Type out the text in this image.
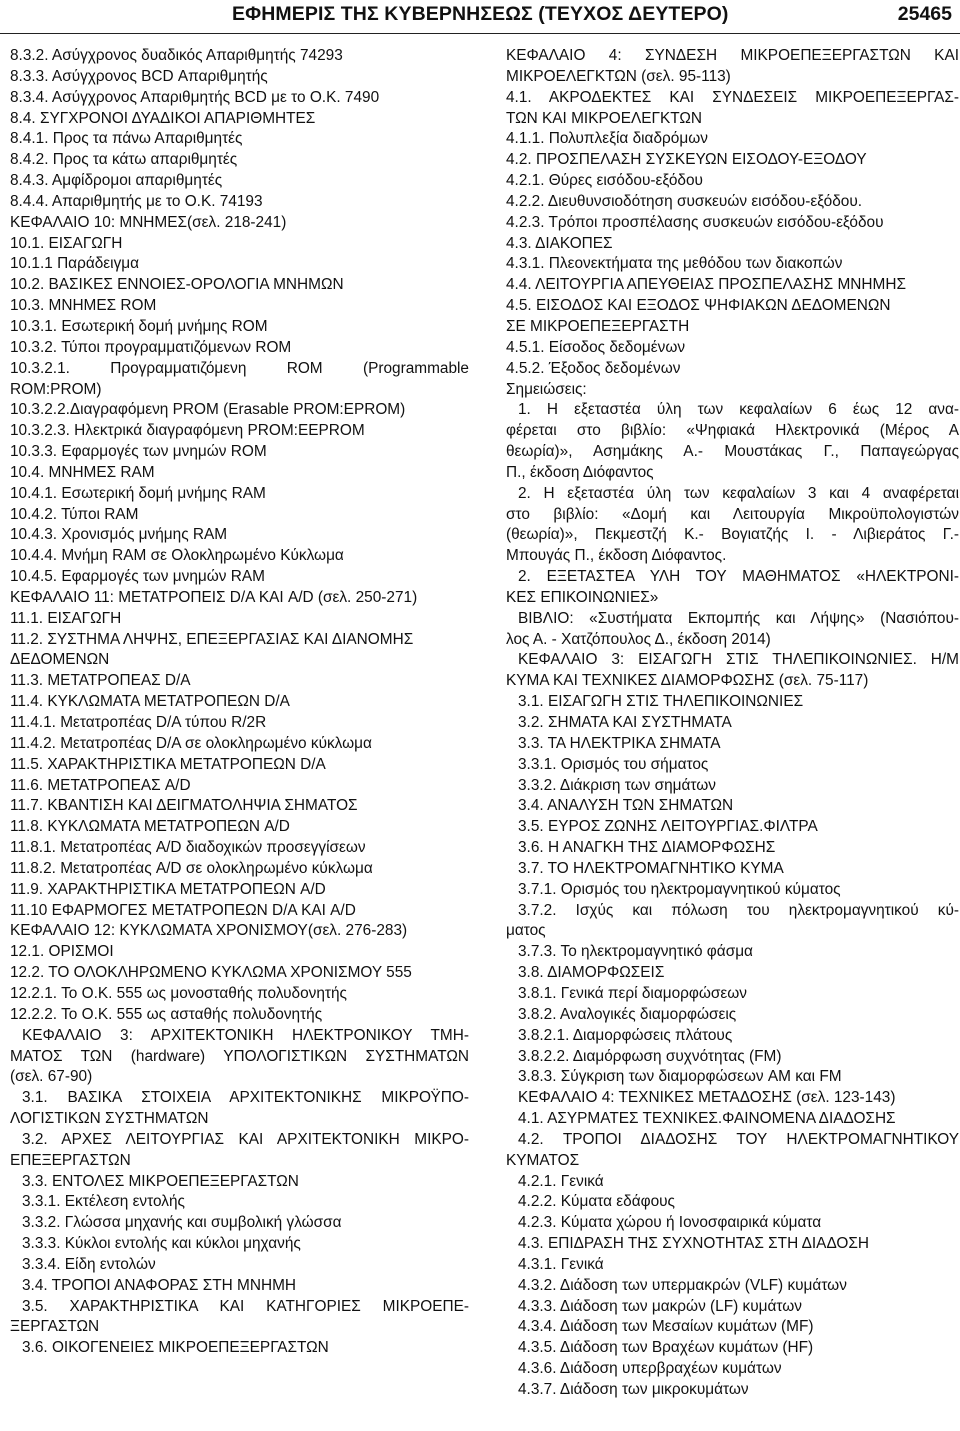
ΕΦΗΜΕΡΙΣ ΤΗΣ ΚΥΒΕΡΝΗΣΕΩΣ (ΤΕΥΧΟΣ ΔΕΥΤΕΡΟ)	25465
8.3.2. Ασύγχρονος δυαδικός Απαριθμητής 74293
8.3.3. Ασύγχρονος BCD Απαριθμητής
8.3.4. Ασύγχρονος Απαριθμητής BCD με το Ο.Κ. 7490
8.4. ΣΥΓΧΡΟΝΟΙ ΔΥΑΔΙΚΟΙ ΑΠΑΡΙΘΜΗΤΕΣ
8.4.1. Προς τα πάνω Απαριθμητές
8.4.2. Προς τα κάτω απαριθμητές
8.4.3. Αμφίδρομοι απαριθμητές
8.4.4. Απαριθμητής με το Ο.Κ. 74193
ΚΕΦΑΛΑΙΟ 10: ΜΝΗΜΕΣ(σελ. 218-241)
10.1. ΕΙΣΑΓΩΓΗ
10.1.1 Παράδειγμα
10.2. ΒΑΣΙΚΕΣ ΕΝΝΟΙΕΣ-ΟΡΟΛΟΓΙΑ ΜΝΗΜΩΝ
10.3. ΜΝΗΜΕΣ ROM
10.3.1. Εσωτερική δομή μνήμης ROM
10.3.2. Τύποι προγραμματιζόμενων ROM
10.3.2.1. Προγραμματιζόμενη ROM (Programmable
ROM:PROM)
10.3.2.2.Διαγραφόμενη PROM (Erasable PROM:EPROM)
10.3.2.3. Ηλεκτρικά διαγραφόμενη PROM:EEPROM
10.3.3. Εφαρμογές των μνημών ROM
10.4. ΜΝΗΜΕΣ RAM
10.4.1. Εσωτερική δομή μνήμης RAM
10.4.2. Τύποι RAM
10.4.3. Χρονισμός μνήμης RAM
10.4.4. Μνήμη RAM σε Ολοκληρωμένο Κύκλωμα
10.4.5. Εφαρμογές των μνημών RAM
ΚΕΦΑΛΑΙΟ 11: ΜΕΤΑΤΡΟΠΕΙΣ D/A ΚΑΙ A/D (σελ. 250-271)
11.1. ΕΙΣΑΓΩΓΗ
11.2. ΣΥΣΤΗΜΑ ΛΗΨΗΣ, ΕΠΕΞΕΡΓΑΣΙΑΣ ΚΑΙ ΔΙΑΝΟΜΗΣ
ΔΕΔΟΜΕΝΩΝ
11.3. ΜΕΤΑΤΡΟΠΕΑΣ D/A
11.4. ΚΥΚΛΩΜΑΤΑ ΜΕΤΑΤΡΟΠΕΩΝ D/A
11.4.1. Μετατροπέας D/A τύπου R/2R
11.4.2. Μετατροπέας D/A σε ολοκληρωμένο κύκλωμα
11.5. ΧΑΡΑΚΤΗΡΙΣΤΙΚΑ ΜΕΤΑΤΡΟΠΕΩΝ D/A
11.6. ΜΕΤΑΤΡΟΠΕΑΣ A/D
11.7. ΚΒΑΝΤΙΣΗ ΚΑΙ ΔΕΙΓΜΑΤΟΛΗΨΙΑ ΣΗΜΑΤΟΣ
11.8. ΚΥΚΛΩΜΑΤΑ ΜΕΤΑΤΡΟΠΕΩΝ A/D
11.8.1. Μετατροπέας A/D διαδοχικών προσεγγίσεων
11.8.2. Μετατροπέας A/D σε ολοκληρωμένο κύκλωμα
11.9. ΧΑΡΑΚΤΗΡΙΣΤΙΚΑ ΜΕΤΑΤΡΟΠΕΩΝ A/D
11.10 ΕΦΑΡΜΟΓΕΣ ΜΕΤΑΤΡΟΠΕΩΝ D/A ΚΑΙ A/D
ΚΕΦΑΛΑΙΟ 12: ΚΥΚΛΩΜΑΤΑ ΧΡΟΝΙΣΜΟΥ(σελ. 276-283)
12.1. ΟΡΙΣΜΟΙ
12.2. ΤΟ ΟΛΟΚΛΗΡΩΜΕΝΟ ΚΥΚΛΩΜΑ ΧΡΟΝΙΣΜΟΥ 555
12.2.1. Το Ο.Κ. 555 ως μονοσταθής πολυδονητής
12.2.2. Το Ο.Κ. 555 ως ασταθής πολυδονητής
ΚΕΦΑΛΑΙΟ 3: ΑΡΧΙΤΕΚΤΟΝΙΚΗ ΗΛΕΚΤΡΟΝΙΚΟΥ ΤΜΗ-
ΜΑΤΟΣ ΤΩΝ (hardware) ΥΠΟΛΟΓΙΣΤΙΚΩΝ ΣΥΣΤΗΜΑΤΩΝ
(σελ. 67-90)
3.1. ΒΑΣΙΚΑ ΣΤΟΙΧΕΙΑ ΑΡΧΙΤΕΚΤΟΝΙΚΗΣ ΜΙΚΡΟΫΠΟ-
ΛΟΓΙΣΤΙΚΩΝ ΣΥΣΤΗΜΑΤΩΝ
3.2. ΑΡΧΕΣ ΛΕΙΤΟΥΡΓΙΑΣ ΚΑΙ ΑΡΧΙΤΕΚΤΟΝΙΚΗ ΜΙΚΡΟ-
ΕΠΕΞΕΡΓΑΣΤΩΝ
3.3. ΕΝΤΟΛΕΣ ΜΙΚΡΟΕΠΕΞΕΡΓΑΣΤΩΝ
3.3.1. Εκτέλεση εντολής
3.3.2. Γλώσσα μηχανής και συμβολική γλώσσα
3.3.3. Κύκλοι εντολής και κύκλοι μηχανής
3.3.4. Είδη εντολών
3.4. ΤΡΟΠΟΙ ΑΝΑΦΟΡΑΣ ΣΤΗ ΜΝΗΜΗ
3.5. ΧΑΡΑΚΤΗΡΙΣΤΙΚΑ ΚΑΙ ΚΑΤΗΓΟΡΙΕΣ ΜΙΚΡΟΕΠΕ-
ΞΕΡΓΑΣΤΩΝ
3.6. ΟΙΚΟΓΕΝΕΙΕΣ ΜΙΚΡΟΕΠΕΞΕΡΓΑΣΤΩΝ
ΚΕΦΑΛΑΙΟ 4: ΣΥΝΔΕΣΗ ΜΙΚΡΟΕΠΕΞΕΡΓΑΣΤΩΝ ΚΑΙ
ΜΙΚΡΟΕΛΕΓΚΤΩΝ (σελ. 95-113)
4.1. ΑΚΡΟΔΕΚΤΕΣ ΚΑΙ ΣΥΝΔΕΣΕΙΣ ΜΙΚΡΟΕΠΕΞΕΡΓΑΣ-
ΤΩΝ ΚΑΙ ΜΙΚΡΟΕΛΕΓΚΤΩΝ
4.1.1. Πολυπλεξία διαδρόμων
4.2. ΠΡΟΣΠΕΛΑΣΗ ΣΥΣΚΕΥΩΝ ΕΙΣΟΔΟΥ-ΕΞΟΔΟΥ
4.2.1. Θύρες εισόδου-εξόδου
4.2.2. Διευθυνσιοδότηση συσκευών εισόδου-εξόδου.
4.2.3. Τρόποι προσπέλασης συσκευών εισόδου-εξόδου
4.3. ΔΙΑΚΟΠΕΣ
4.3.1. Πλεονεκτήματα της μεθόδου των διακοπών
4.4. ΛΕΙΤΟΥΡΓΙΑ ΑΠΕΥΘΕΙΑΣ ΠΡΟΣΠΕΛΑΣΗΣ ΜΝΗΜΗΣ
4.5. ΕΙΣΟΔΟΣ ΚΑΙ ΕΞΟΔΟΣ ΨΗΦΙΑΚΩΝ ΔΕΔΟΜΕΝΩΝ
ΣΕ ΜΙΚΡΟΕΠΕΞΕΡΓΑΣΤΗ
4.5.1. Είσοδος δεδομένων
4.5.2. Έξοδος δεδομένων
Σημειώσεις:
1. Η εξεταστέα ύλη των κεφαλαίων 6 έως 12 ανα-
φέρεται στο βιβλίο: «Ψηφιακά Ηλεκτρονικά (Μέρος Α
θεωρία)», Ασημάκης Α.- Μουστάκας Γ., Παπαγεώργας
Π., έκδοση Διόφαντος
2. Η εξεταστέα ύλη των κεφαλαίων 3 και 4 αναφέρεται
στο βιβλίο: «Δομή και Λειτουργία Μικροϋπολογιστών
(θεωρία)», Πεκμεστζή Κ.- Βογιατζής Ι. - Λιβιεράτος Γ.-
Μπουγάς Π., έκδοση Διόφαντος.
2. ΕΞΕΤΑΣΤΕΑ ΥΛΗ ΤΟΥ ΜΑΘΗΜΑΤΟΣ «ΗΛΕΚΤΡΟΝΙ-
ΚΕΣ ΕΠΙΚΟΙΝΩΝΙΕΣ»
ΒΙΒΛΙΟ: «Συστήματα Εκπομπής και Λήψης» (Νασιόπου-
λος Α. - Χατζόπουλος Δ., έκδοση 2014)
ΚΕΦΑΛΑΙΟ 3: ΕΙΣΑΓΩΓΗ ΣΤΙΣ ΤΗΛΕΠΙΚΟΙΝΩΝΙΕΣ. Η/Μ
ΚΥΜΑ ΚΑΙ ΤΕΧΝΙΚΕΣ ΔΙΑΜΟΡΦΩΣΗΣ (σελ. 75-117)
3.1. ΕΙΣΑΓΩΓΗ ΣΤΙΣ ΤΗΛΕΠΙΚΟΙΝΩΝΙΕΣ
3.2. ΣΗΜΑΤΑ ΚΑΙ ΣΥΣΤΗΜΑΤΑ
3.3. ΤΑ ΗΛΕΚΤΡΙΚΑ ΣΗΜΑΤΑ
3.3.1. Ορισμός του σήματος
3.3.2. Διάκριση των σημάτων
3.4. ΑΝΑΛΥΣΗ ΤΩΝ ΣΗΜΑΤΩΝ
3.5. ΕΥΡΟΣ ΖΩΝΗΣ ΛΕΙΤΟΥΡΓΙΑΣ.ΦΙΛΤΡΑ
3.6. Η ΑΝΑΓΚΗ ΤΗΣ ΔΙΑΜΟΡΦΩΣΗΣ
3.7. ΤΟ ΗΛΕΚΤΡΟΜΑΓΝΗΤΙΚΟ ΚΥΜΑ
3.7.1. Ορισμός του ηλεκτρομαγνητικού κύματος
3.7.2. Ισχύς και πόλωση του ηλεκτρομαγνητικού κύ-
ματος
3.7.3. Το ηλεκτρομαγνητικό φάσμα
3.8. ΔΙΑΜΟΡΦΩΣΕΙΣ
3.8.1. Γενικά περί διαμορφώσεων
3.8.2. Αναλογικές διαμορφώσεις
3.8.2.1. Διαμορφώσεις πλάτους
3.8.2.2. Διαμόρφωση συχνότητας (FM)
3.8.3. Σύγκριση των διαμορφώσεων AM και FM
ΚΕΦΑΛΑΙΟ 4: ΤΕΧΝΙΚΕΣ ΜΕΤΑΔΟΣΗΣ (σελ. 123-143)
4.1. ΑΣΥΡΜΑΤΕΣ ΤΕΧΝΙΚΕΣ.ΦΑΙΝΟΜΕΝΑ ΔΙΑΔΟΣΗΣ
4.2. ΤΡΟΠΟΙ ΔΙΑΔΟΣΗΣ ΤΟΥ ΗΛΕΚΤΡΟΜΑΓΝΗΤΙΚΟΥ
ΚΥΜΑΤΟΣ
4.2.1. Γενικά
4.2.2. Κύματα εδάφους
4.2.3. Κύματα χώρου ή Ιονοσφαιρικά κύματα
4.3. ΕΠΙΔΡΑΣΗ ΤΗΣ ΣΥΧΝΟΤΗΤΑΣ ΣΤΗ ΔΙΑΔΟΣΗ
4.3.1. Γενικά
4.3.2. Διάδοση των υπερμακρών (VLF) κυμάτων
4.3.3. Διάδοση των μακρών (LF) κυμάτων
4.3.4. Διάδοση των Μεσαίων κυμάτων (MF)
4.3.5. Διάδοση των Βραχέων κυμάτων (HF)
4.3.6. Διάδοση υπερβραχέων κυμάτων
4.3.7. Διάδοση των μικροκυμάτων
